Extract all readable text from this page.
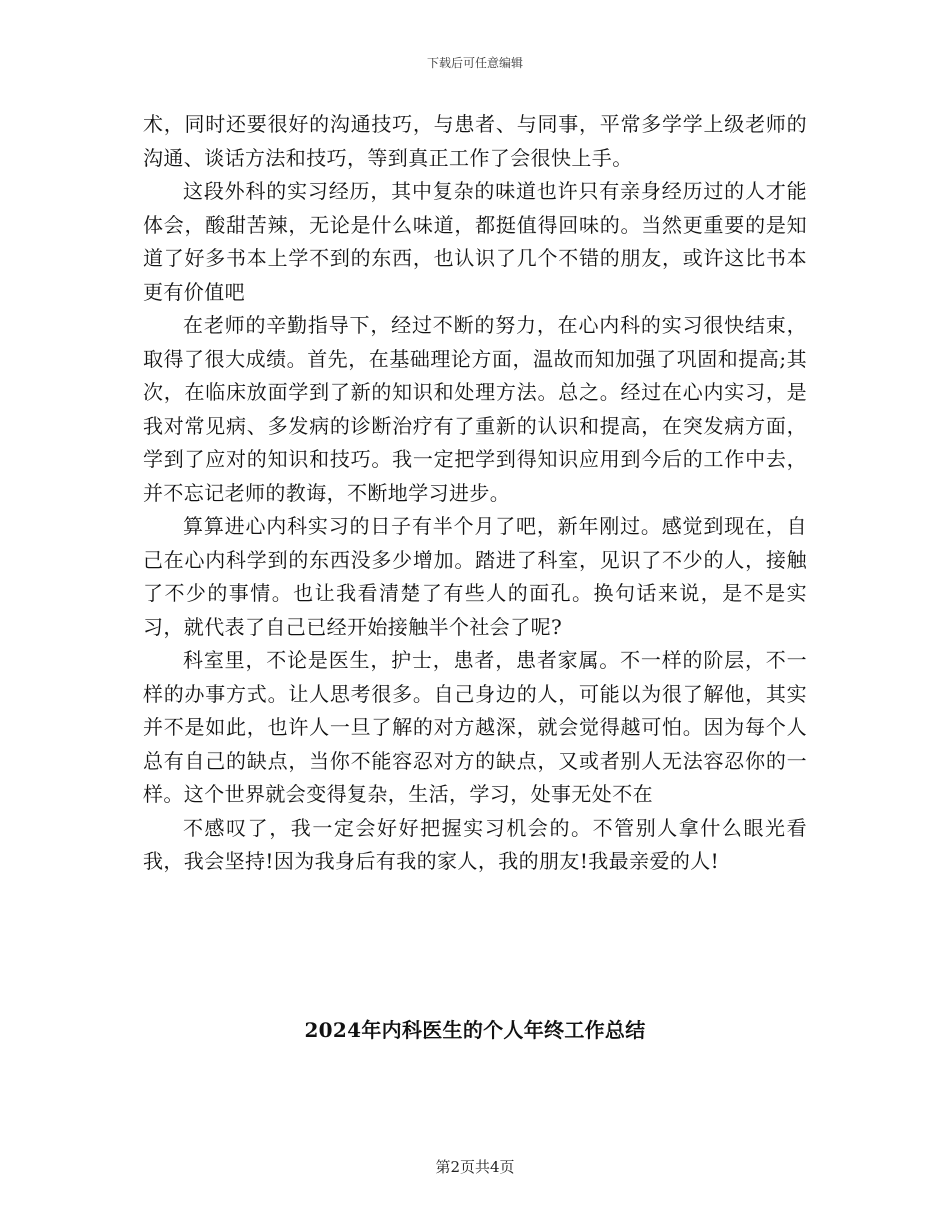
下载后可任意编辑

术，同时还要很好的沟通技巧，与患者、与同事，平常多学学上级老师的沟通、谈话方法和技巧，等到真正工作了会很快上手。

这段外科的实习经历，其中复杂的味道也许只有亲身经历过的人才能体会，酸甜苦辣，无论是什么味道，都挺值得回味的。当然更重要的是知道了好多书本上学不到的东西，也认识了几个不错的朋友，或许这比书本更有价值吧

在老师的辛勤指导下，经过不断的努力，在心内科的实习很快结束，取得了很大成绩。首先，在基础理论方面，温故而知加强了巩固和提高;其次，在临床放面学到了新的知识和处理方法。总之。经过在心内实习，是我对常见病、多发病的诊断治疗有了重新的认识和提高，在突发病方面，学到了应对的知识和技巧。我一定把学到得知识应用到今后的工作中去，并不忘记老师的教诲，不断地学习进步。

算算进心内科实习的日子有半个月了吧，新年刚过。感觉到现在，自己在心内科学到的东西没多少增加。踏进了科室，见识了不少的人，接触了不少的事情。也让我看清楚了有些人的面孔。换句话来说，是不是实习，就代表了自己已经开始接触半个社会了呢?

科室里，不论是医生，护士，患者，患者家属。不一样的阶层，不一样的办事方式。让人思考很多。自己身边的人，可能以为很了解他，其实并不是如此，也许人一旦了解的对方越深，就会觉得越可怕。因为每个人总有自己的缺点，当你不能容忍对方的缺点，又或者别人无法容忍你的一样。这个世界就会变得复杂，生活，学习，处事无处不在

不感叹了，我一定会好好把握实习机会的。不管别人拿什么眼光看我，我会坚持!因为我身后有我的家人，我的朋友!我最亲爱的人!

2024年内科医生的个人年终工作总结
第2页共4页
